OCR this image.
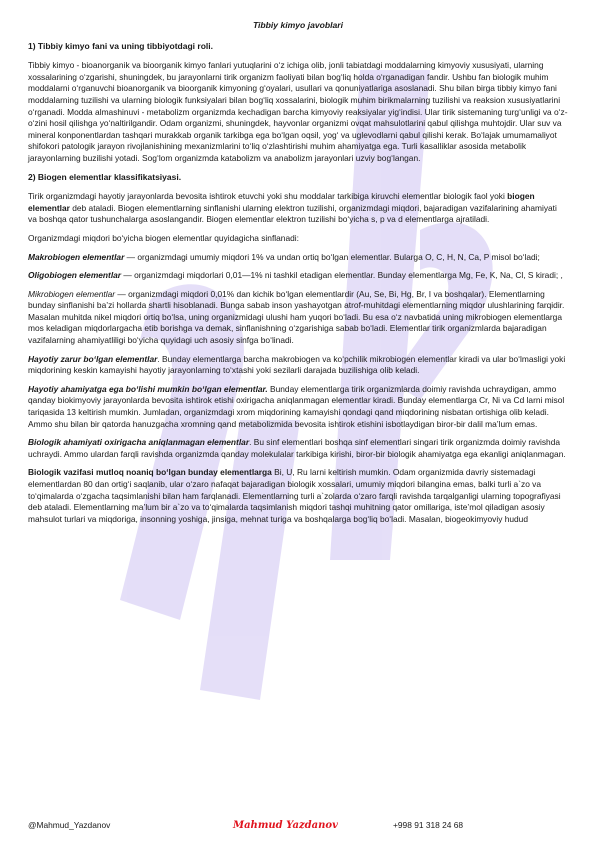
Tibbiy kimyo javoblari
1) Tibbiy kimyo fani va uning tibbiyotdagi roli.

Tibbiy kimyo - bioanorganik va bioorganik kimyo fanlari yutuqlarini o‘z ichiga olib, jonli tabiatdagi moddalarning kimyoviy xususiyati, ularning xossalarining o‘zgarishi, shuningdek, bu jarayonlarni tirik organizm faoliyati bilan bog‘liq holda o‘rganadigan fandir. Ushbu fan biologik muhim moddalarni o‘rganuvchi bioanorganik va bioorganik kimyoning g‘oyalari, usullari va qonuniyatlariga asoslanadi. Shu bilan birga tibbiy kimyo fani moddalarning tuzilishi va ularning biologik funksiyalari bilan bog‘liq xossalarini, biologik muhim birikmalarning tuzilishi va reaksion xususiyatlarini o‘rganadi. Modda almashinuvi - metabolizm organizmda kechadigan barcha kimyoviy reaksiyalar yig‘indisi. Ular tirik sistemaning turg‘unligi va o‘z-o‘zini hosil qilishga yo‘naltirilgandir. Odam organizmi, shuningdek, hayvonlar organizmi ovqat mahsulotlarini qabul qilishga muhtojdir. Ular suv va mineral konponentlardan tashqari murakkab organik tarkibga ega bo‘lgan oqsil, yog‘ va uglevodlarni qabul qilishi kerak. Bo‘lajak umumamaliyot shifokori patologik jarayon rivojlanishining mexanizmlarini to‘liq o‘zlashtirishi muhim ahamiyatga ega. Turli kasalliklar asosida metabolik jarayonlarning buzilishi yotadi. Sog‘lom organizmda katabolizm va anabolizm jarayonlari uzviy bog‘langan.

2) Biogen elementlar klassifikatsiyasi.

Tirik organizmdagi hayotiy jarayonlarda bevosita ishtirok etuvchi yoki shu moddalar tarkibiga kiruvchi elementlar biologik faol yoki biogen elementlar deb ataladi. Biogen elementlarning sinflanishi ularning elektron tuzilishi, organizmdagi miqdori, bajaradigan vazifalarining ahamiyati va boshqa qator tushunchalarga asoslangandir. Biogen elementlar elektron tuzilishi bo‘yicha s, p va d elementlarga ajratiladi.

Organizmdagi miqdori bo‘yicha biogen elementlar quyidagicha sinflanadi:

Makrobiogen elementlar — organizmdagi umumiy miqdori 1% va undan ortiq bo‘lgan elementlar. Bularga O, C, H, N, Ca, P misol bo‘ladi;

Oligobiogen elementlar — organizmdagi miqdorlari 0,01—1% ni tashkil etadigan elementlar. Bunday elementlarga Mg, Fe, K, Na, Cl, S kiradi; ,

Mikrobiogen elementlar — organizmdagi miqdori 0,01% dan kichik bo‘lgan elementlardir (Au, Se, Bi, Hg, Br, I va boshqalar). Elementlarning bunday sinflanishi ba’zi hollarda shartli hisoblanadi. Bunga sabab inson yashayotgan atrof-muhitdagi elementlarning miqdor ulushlarining farqidir. Masalan muhitda nikel miqdori ortiq bo‘lsa, uning organizmidagi ulushi ham yuqori bo‘ladi. Bu esa o‘z navbatida uning mikrobiogen elementlarga mos keladigan miqdorlargacha etib borishga va demak, sinflanishning o‘zgarishiga sabab bo‘ladi. Elementlar tirik organizmlarda bajaradigan vazifalarning ahamiyatliligi bo‘yicha quyidagi uch asosiy sinfga bo‘linadi.

Hayotiy zarur bo‘lgan elementlar. Bunday elementlarga barcha makrobiogen va ko‘pchilik mikrobiogen elementlar kiradi va ular bo‘lmasligi yoki miqdorining keskin kamayishi hayotiy jarayonlarning to‘xtashi yoki sezilarli darajada buzilishiga olib keladi.

Hayotiy ahamiyatga ega bo‘lishi mumkin bo‘lgan elementlar. Bunday elementlarga tirik organizmlarda doimiy ravishda uchraydigan, ammo qanday biokimyoviy jarayonlarda bevosita ishtirok etishi oxirigacha aniqlanmagan elementlar kiradi. Bunday elementlarga Cr, Ni va Cd larni misol tariqasida 13 keltirish mumkin. Jumladan, organizmdagi xrom miqdorining kamayishi qondagi qand miqdorining nisbatan ortishiga olib keladi. Ammo shu bilan bir qatorda hanuzgacha xromning qand metabolizmida bevosita ishtirok etishini isbotlaydigan biror-bir dalil ma’lum emas.

Biologik ahamiyati oxirigacha aniqlanmagan elementlar. Bu sinf elementlari boshqa sinf elementlari singari tirik organizmda doimiy ravishda uchraydi. Ammo ulardan farqli ravishda organizmda qanday molekulalar tarkibiga kirishi, biror-bir biologik ahamiyatga ega ekanligi aniqlanmagan.

Biologik vazifasi mutloq noaniq bo‘lgan bunday elementlarga Bi, U, Ru larni keltirish mumkin. Odam organizmida davriy sistemadagi elementlardan 80 dan ortig‘i saqlanib, ular o‘zaro nafaqat bajaradigan biologik xossalari, umumiy miqdori bilangina emas, balki turli a`zo va to‘qimalarda o‘zgacha taqsimlanishi bilan ham farqlanadi. Elementlarning turli a`zolarda o‘zaro farqli ravishda tarqalganligi ularning topografiyasi deb ataladi. Elementlarning ma’lum bir a`zo va to‘qimalarda taqsimlanish miqdori tashqi muhitning qator omillariga, iste’mol qiladigan asosiy mahsulot turlari va miqdoriga, insonning yoshiga, jinsiga, mehnat turiga va boshqalarga bog‘liq bo‘ladi. Masalan, biogeokimyoviy hudud

@Mahmud_Yazdanov	Mahmud Yazdanov	+998 91 318 24 68
